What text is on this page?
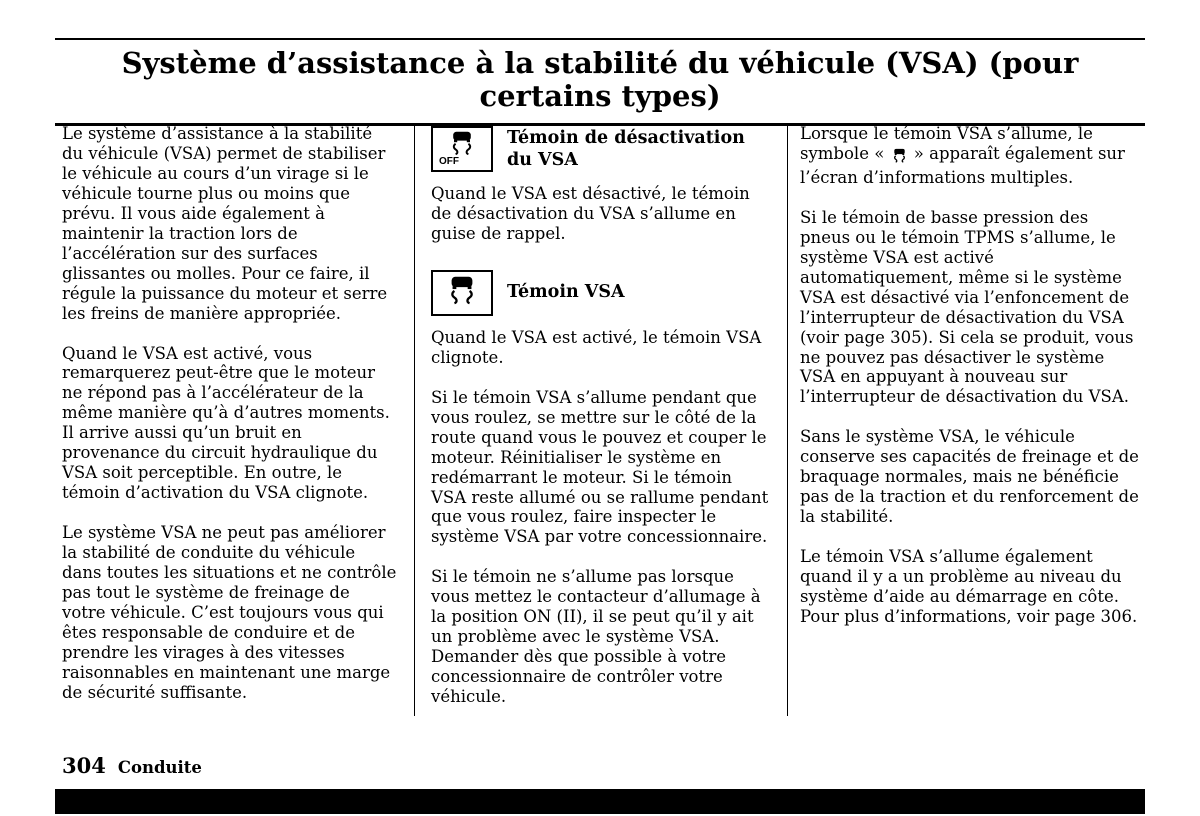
Système d’assistance à la stabilité du véhicule (VSA) (pour certains types)

Le système d’assistance à la stabilité du véhicule (VSA) permet de stabiliser le véhicule au cours d’un virage si le véhicule tourne plus ou moins que prévu. Il vous aide également à maintenir la traction lors de l’accélération sur des surfaces glissantes ou molles. Pour ce faire, il régule la puissance du moteur et serre les freins de manière appropriée.

Quand le VSA est activé, vous remarquerez peut-être que le moteur ne répond pas à l’accélérateur de la même manière qu’à d’autres moments. Il arrive aussi qu’un bruit en provenance du circuit hydraulique du VSA soit perceptible. En outre, le témoin d’activation du VSA clignote.

Le système VSA ne peut pas améliorer la stabilité de conduite du véhicule dans toutes les situations et ne contrôle pas tout le système de freinage de votre véhicule. C’est toujours vous qui êtes responsable de conduire et de prendre les virages à des vitesses raisonnables en maintenant une marge de sécurité suffisante.

OFF
Témoin de désactivation du VSA

Quand le VSA est désactivé, le témoin de désactivation du VSA s’allume en guise de rappel.

Témoin VSA

Quand le VSA est activé, le témoin VSA clignote.

Si le témoin VSA s’allume pendant que vous roulez, se mettre sur le côté de la route quand vous le pouvez et couper le moteur. Réinitialiser le système en redémarrant le moteur. Si le témoin VSA reste allumé ou se rallume pendant que vous roulez, faire inspecter le système VSA par votre concessionnaire.

Si le témoin ne s’allume pas lorsque vous mettez le contacteur d’allumage à la position ON (II), il se peut qu’il y ait un problème avec le système VSA. Demander dès que possible à votre concessionnaire de contrôler votre véhicule.

Lorsque le témoin VSA s’allume, le symbole «  » apparaît également sur l’écran d’informations multiples.

Si le témoin de basse pression des pneus ou le témoin TPMS s’allume, le système VSA est activé automatiquement, même si le système VSA est désactivé via l’enfoncement de l’interrupteur de désactivation du VSA (voir page 305). Si cela se produit, vous ne pouvez pas désactiver le système VSA en appuyant à nouveau sur l’interrupteur de désactivation du VSA.

Sans le système VSA, le véhicule conserve ses capacités de freinage et de braquage normales, mais ne bénéficie pas de la traction et du renforcement de la stabilité.

Le témoin VSA s’allume également quand il y a un problème au niveau du système d’aide au démarrage en côte. Pour plus d’informations, voir page 306.

304 Conduite
